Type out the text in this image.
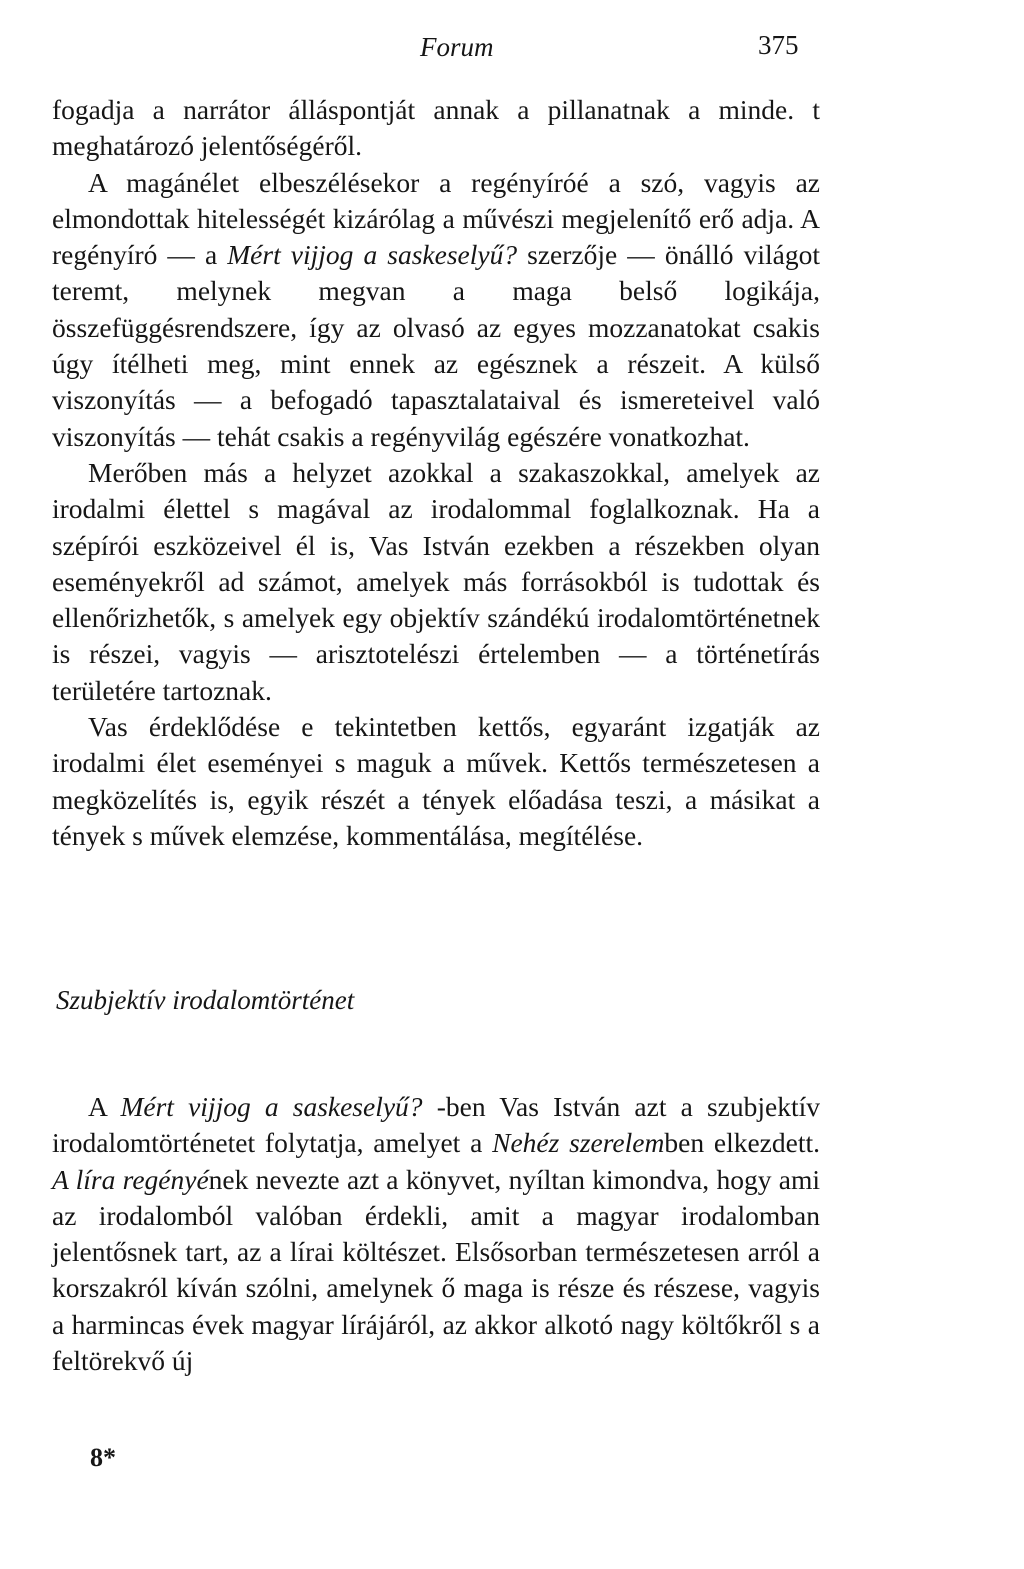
Forum	375

fogadja a narrátor álláspontját annak a pillanatnak a minde. t meghatározó jelentőségéről.

A magánélet elbeszélésekor a regényíróé a szó, vagyis az elmondottak hitelességét kizárólag a művészi megjelenítő erő adja. A regényíró — a Mért vijjog a saskeselyű? szerzője — önálló világot teremt, melynek megvan a maga belső logikája, összefüggésrendszere, így az olvasó az egyes mozzanatokat csakis úgy ítélheti meg, mint ennek az egésznek a részeit. A külső viszonyítás — a befogadó tapasztalataival és ismereteivel való viszonyítás — tehát csakis a regényvilág egészére vonatkozhat.

Merőben más a helyzet azokkal a szakaszokkal, amelyek az irodalmi élettel s magával az irodalommal foglalkoznak. Ha a szépírói eszközeivel él is, Vas István ezekben a részekben olyan eseményekről ad számot, amelyek más forrásokból is tudottak és ellenőrizhetők, s amelyek egy objektív szándékú irodalomtörténetnek is részei, vagyis — arisztotelészi értelemben — a történetírás területére tartoznak.

Vas érdeklődése e tekintetben kettős, egyaránt izgatják az irodalmi élet eseményei s maguk a művek. Kettős természetesen a megközelítés is, egyik részét a tények előadása teszi, a másikat a tények s művek elemzése, kommentálása, megítélése.

Szubjektív irodalomtörténet

A Mért vijjog a saskeselyű? -ben Vas István azt a szubjektív irodalomtörténetet folytatja, amelyet a Nehéz szerelemben elkezdett. A líra regényének nevezte azt a könyvet, nyíltan kimondva, hogy ami az irodalomból valóban érdekli, amit a magyar irodalomban jelentősnek tart, az a lírai költészet. Elsősorban természetesen arról a korszakról kíván szólni, amelynek ő maga is része és részese, vagyis a harmincas évek magyar lírájáról, az akkor alkotó nagy költőkről s a feltörekvő új

8*
